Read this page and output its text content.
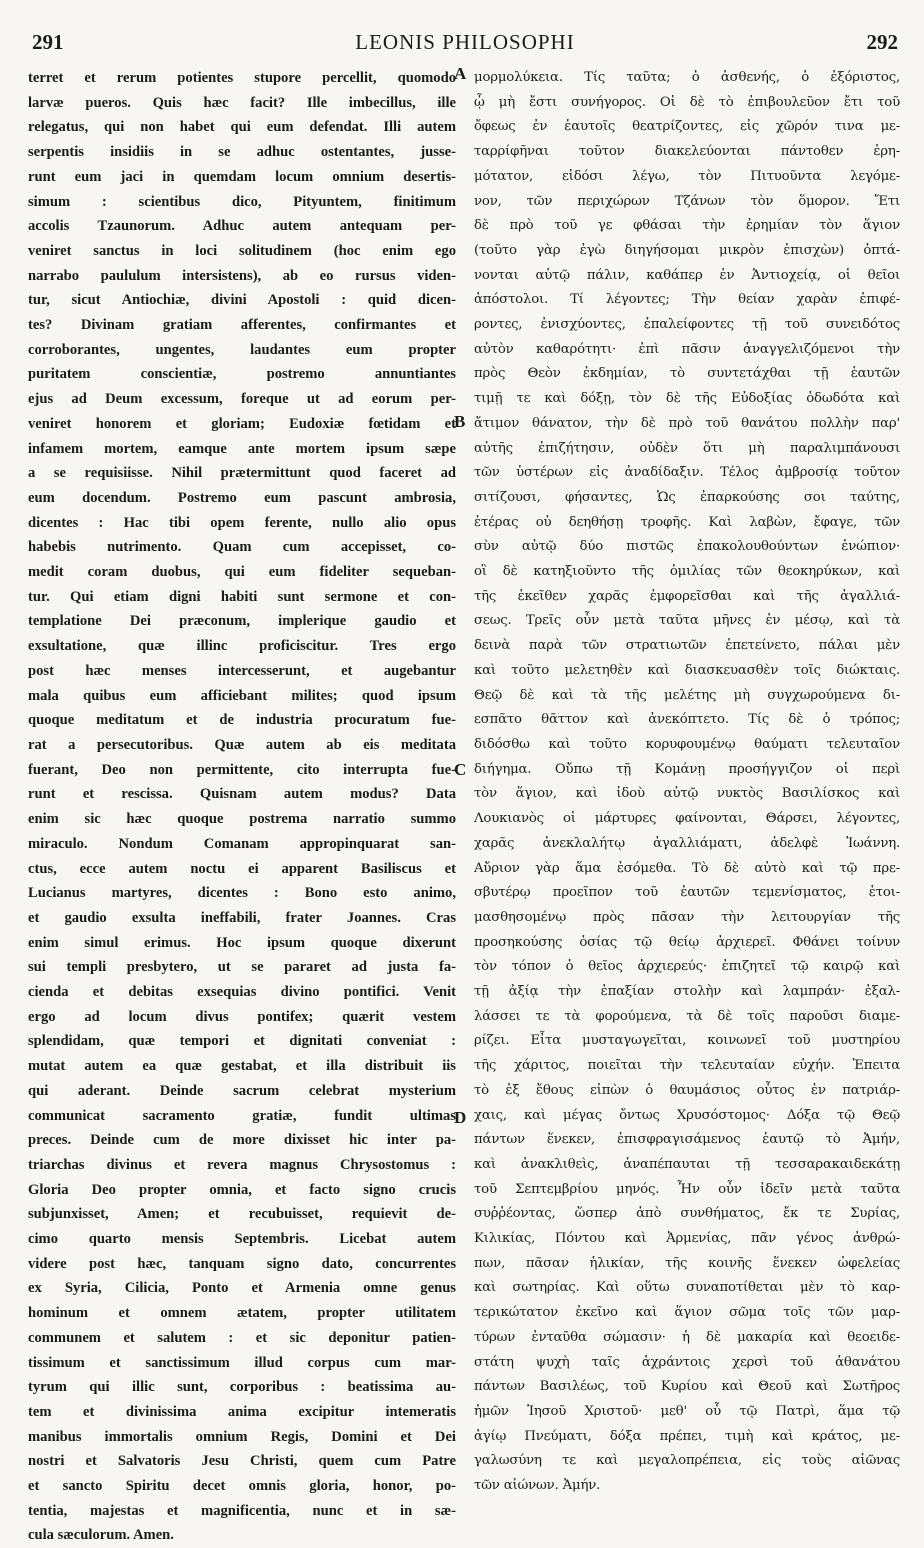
291	LEONIS PHILOSOPHI	292
terret et rerum potientes stupore percellit, quomodo
larvæ pueros. Quis hæc facit? Ille imbecillus, ille
relegatus, qui non habet qui eum defendat. Illi autem
serpentis insidiis in se adhuc ostentantes, jusse-
runt eum jaci in quemdam locum omnium desertis-
simum : scientibus dico, Pityuntem, finitimum
accolis Tzaunorum. Adhuc autem antequam per-
veniret sanctus in loci solitudinem (hoc enim ego
narrabo paululum intersistens), ab eo rursus viden-
tur, sicut Antiochiæ, divini Apostoli : quid dicen-
tes? Divinam gratiam afferentes, confirmantes et
corroborantes, ungentes, laudantes eum propter
puritatem conscientiæ, postremo annuntiantes
ejus ad Deum excessum, foreque ut ad eorum per-
veniret honorem et gloriam; Eudoxiæ fœtidam et
infamem mortem, eamque ante mortem ipsum sæpe
a se requisiisse. Nihil prætermittunt quod faceret ad
eum docendum. Postremo eum pascunt ambrosia,
dicentes : Hac tibi opem ferente, nullo alio opus
habebis nutrimento. Quam cum accepisset, co-
medit coram duobus, qui eum fideliter sequeban-
tur. Qui etiam digni habiti sunt sermone et con-
templatione Dei præconum, implerique gaudio et
exsultatione, quæ illinc proficiscitur. Tres ergo
post hæc menses intercesserunt, et augebantur
mala quibus eum afficiebant milites; quod ipsum
quoque meditatum et de industria procuratum fue-
rat a persecutoribus. Quæ autem ab eis meditata
fuerant, Deo non permittente, cito interrupta fue-
runt et rescissa. Quisnam autem modus? Data
enim sic hæc quoque postrema narratio summo
miraculo. Nondum Comanam appropinquarat san-
ctus, ecce autem noctu ei apparent Basiliscus et
Lucianus martyres, dicentes : Bono esto animo,
et gaudio exsulta ineffabili, frater Joannes. Cras
enim simul erimus. Hoc ipsum quoque dixerunt
sui templi presbytero, ut se pararet ad justa fa-
cienda et debitas exsequias divino pontifici. Venit
ergo ad locum divus pontifex; quærit vestem
splendidam, quæ tempori et dignitati conveniat :
mutat autem ea quæ gestabat, et illa distribuit iis
qui aderant. Deinde sacrum celebrat mysterium
communicat sacramento gratiæ, fundit ultimas
preces. Deinde cum de more dixisset hic inter pa-
triarchas divinus et revera magnus Chrysostomus :
Gloria Deo propter omnia, et facto signo crucis
subjunxisset, Amen; et recubuisset, requievit de-
cimo quarto mensis Septembris. Licebat autem
videre post hæc, tanquam signo dato, concurrentes
ex Syria, Cilicia, Ponto et Armenia omne genus
hominum et omnem ætatem, propter utilitatem
communem et salutem : et sic deponitur patien-
tissimum et sanctissimum illud corpus cum mar-
tyrum qui illic sunt, corporibus : beatissima au-
tem et divinissima anima excipitur intemeratis
manibus immortalis omnium Regis, Domini et Dei
nostri et Salvatoris Jesu Christi, quem cum Patre
et sancto Spiritu decet omnis gloria, honor, po-
tentia, majestas et magnificentia, nunc et in sæ-
cula sæculorum. Amen.
A
B
C
D
μορμολύκεια. Τίς ταῦτα; ὁ ἀσθενής, ὁ ἐξόριστος,
ᾧ μὴ ἔστι συνήγορος. Οἱ δὲ τὸ ἐπιβουλεῦον ἔτι τοῦ
ὄφεως ἐν ἑαυτοῖς θεατρίζοντες, εἰς χῶρόν τινα με-
ταρρίφῆναι τοῦτον διακελεύονται πάντοθεν ἐρη-
μότατον, εἰδόσι λέγω, τὸν Πιτυοῦντα λεγόμε-
νον, τῶν περιχώρων Τζάνων τὸν ὅμορον. Ἔτι
δὲ πρὸ τοῦ γε φθάσαι τὴν ἐρημίαν τὸν ἅγιον
(τοῦτο γὰρ ἐγὼ διηγήσομαι μικρὸν ἐπισχὼν) ὀπτά-
νονται αὐτῷ πάλιν, καθάπερ ἐν Ἀντιοχείᾳ, οἱ θεῖοι
ἀπόστολοι. Τί λέγοντες; Τὴν θείαν χαρὰν ἐπιφέ-
ροντες, ἐνισχύοντες, ἐπαλείφοντες τῇ τοῦ συνειδότος
αὐτὸν καθαρότητι· ἐπὶ πᾶσιν ἀναγγελιζόμενοι τὴν
πρὸς Θεὸν ἐκδημίαν, τὸ συντετάχθαι τῇ ἑαυτῶν
τιμῇ τε καὶ δόξῃ, τὸν δὲ τῆς Εὐδοξίας ὀδωδότα καὶ
ἄτιμον θάνατον, τὴν δὲ πρὸ τοῦ θανάτου πολλὴν παρ'
αὐτῆς ἐπιζήτησιν, οὐδὲν ὅτι μὴ παραλιμπάνουσι
τῶν ὑστέρων εἰς ἀναδίδαξιν. Τέλος ἀμβροσίᾳ τοῦτον
σιτίζουσι, φήσαντες, Ὡς ἐπαρκούσης σοι ταύτης,
ἑτέρας οὐ δεηθήσῃ τροφῆς. Καὶ λαβὼν, ἔφαγε, τῶν
σὺν αὐτῷ δύο πιστῶς ἐπακολουθούντων ἐνώπιον·
οἳ δὲ κατηξιοῦντο τῆς ὁμιλίας τῶν θεοκηρύκων, καὶ
τῆς ἐκεῖθεν χαρᾶς ἐμφορεῖσθαι καὶ τῆς ἀγαλλιά-
σεως. Τρεῖς οὖν μετὰ ταῦτα μῆνες ἐν μέσῳ, καὶ τὰ
δεινὰ παρὰ τῶν στρατιωτῶν ἐπετείνετο, πάλαι μὲν
καὶ τοῦτο μελετηθὲν καὶ διασκευασθὲν τοῖς διώκταις.
Θεῷ δὲ καὶ τὰ τῆς μελέτης μὴ συγχωρούμενα δι-
εσπᾶτο θᾶττον καὶ ἀνεκόπτετο. Τίς δὲ ὁ τρόπος;
διδόσθω καὶ τοῦτο κορυφουμένῳ θαύματι τελευταῖον
διήγημα. Οὔπω τῇ Κομάνῃ προσήγγιζον οἱ περὶ
τὸν ἅγιον, καὶ ἰδοὺ αὐτῷ νυκτὸς Βασιλίσκος καὶ
Λουκιανὸς οἱ μάρτυρες φαίνονται, Θάρσει, λέγοντες,
χαρᾶς ἀνεκλαλήτῳ ἀγαλλιάματι, ἀδελφὲ Ἰωάννη.
Αὔριον γὰρ ἅμα ἐσόμεθα. Τὸ δὲ αὐτὸ καὶ τῷ πρε-
σβυτέρῳ προεῖπον τοῦ ἑαυτῶν τεμενίσματος, ἑτοι-
μασθησομένῳ πρὸς πᾶσαν τὴν λειτουργίαν τῆς
προσηκούσης ὁσίας τῷ θείῳ ἀρχιερεῖ. Φθάνει τοίνυν
τὸν τόπον ὁ θεῖος ἀρχιερεύς· ἐπιζητεῖ τῷ καιρῷ καὶ
τῇ ἀξίᾳ τὴν ἐπαξίαν στολὴν καὶ λαμπράν· ἐξαλ-
λάσσει τε τὰ φορούμενα, τὰ δὲ τοῖς παροῦσι διαμε-
ρίζει. Εἶτα μυσταγωγεῖται, κοινωνεῖ τοῦ μυστηρίου
τῆς χάριτος, ποιεῖται τὴν τελευταίαν εὐχήν. Ἐπειτα
τὸ ἐξ ἔθους εἰπὼν ὁ θαυμάσιος οὗτος ἐν πατριάρ-
χαις, καὶ μέγας ὄντως Χρυσόστομος· Δόξα τῷ Θεῷ
πάντων ἕνεκεν, ἐπισφραγισάμενος ἑαυτῷ τὸ Ἀμήν,
καὶ ἀνακλιθεὶς, ἀναπέπαυται τῇ τεσσαρακαιδεκάτῃ
τοῦ Σεπτεμβρίου μηνός. Ἦν οὖν ἰδεῖν μετὰ ταῦτα
συῤῥέοντας, ὥσπερ ἀπὸ συνθήματος, ἔκ τε Συρίας,
Κιλικίας, Πόντου καὶ Ἀρμενίας, πᾶν γένος ἀνθρώ-
πων, πᾶσαν ἡλικίαν, τῆς κοινῆς ἕνεκεν ὠφελείας
καὶ σωτηρίας. Καὶ οὕτω συναποτίθεται μὲν τὸ καρ-
τερικώτατον ἐκεῖνο καὶ ἅγιον σῶμα τοῖς τῶν μαρ-
τύρων ἐνταῦθα σώμασιν· ἡ δὲ μακαρία καὶ θεοειδε-
στάτη ψυχὴ ταῖς ἀχράντοις χερσὶ τοῦ ἀθανάτου
πάντων Βασιλέως, τοῦ Κυρίου καὶ Θεοῦ καὶ Σωτῆρος
ἡμῶν Ἰησοῦ Χριστοῦ· μεθ' οὗ τῷ Πατρὶ, ἅμα τῷ
ἁγίῳ Πνεύματι, δόξα πρέπει, τιμὴ καὶ κράτος, με-
γαλωσύνη τε καὶ μεγαλοπρέπεια, εἰς τοὺς αἰῶνας
τῶν αἰώνων. Ἀμήν.
